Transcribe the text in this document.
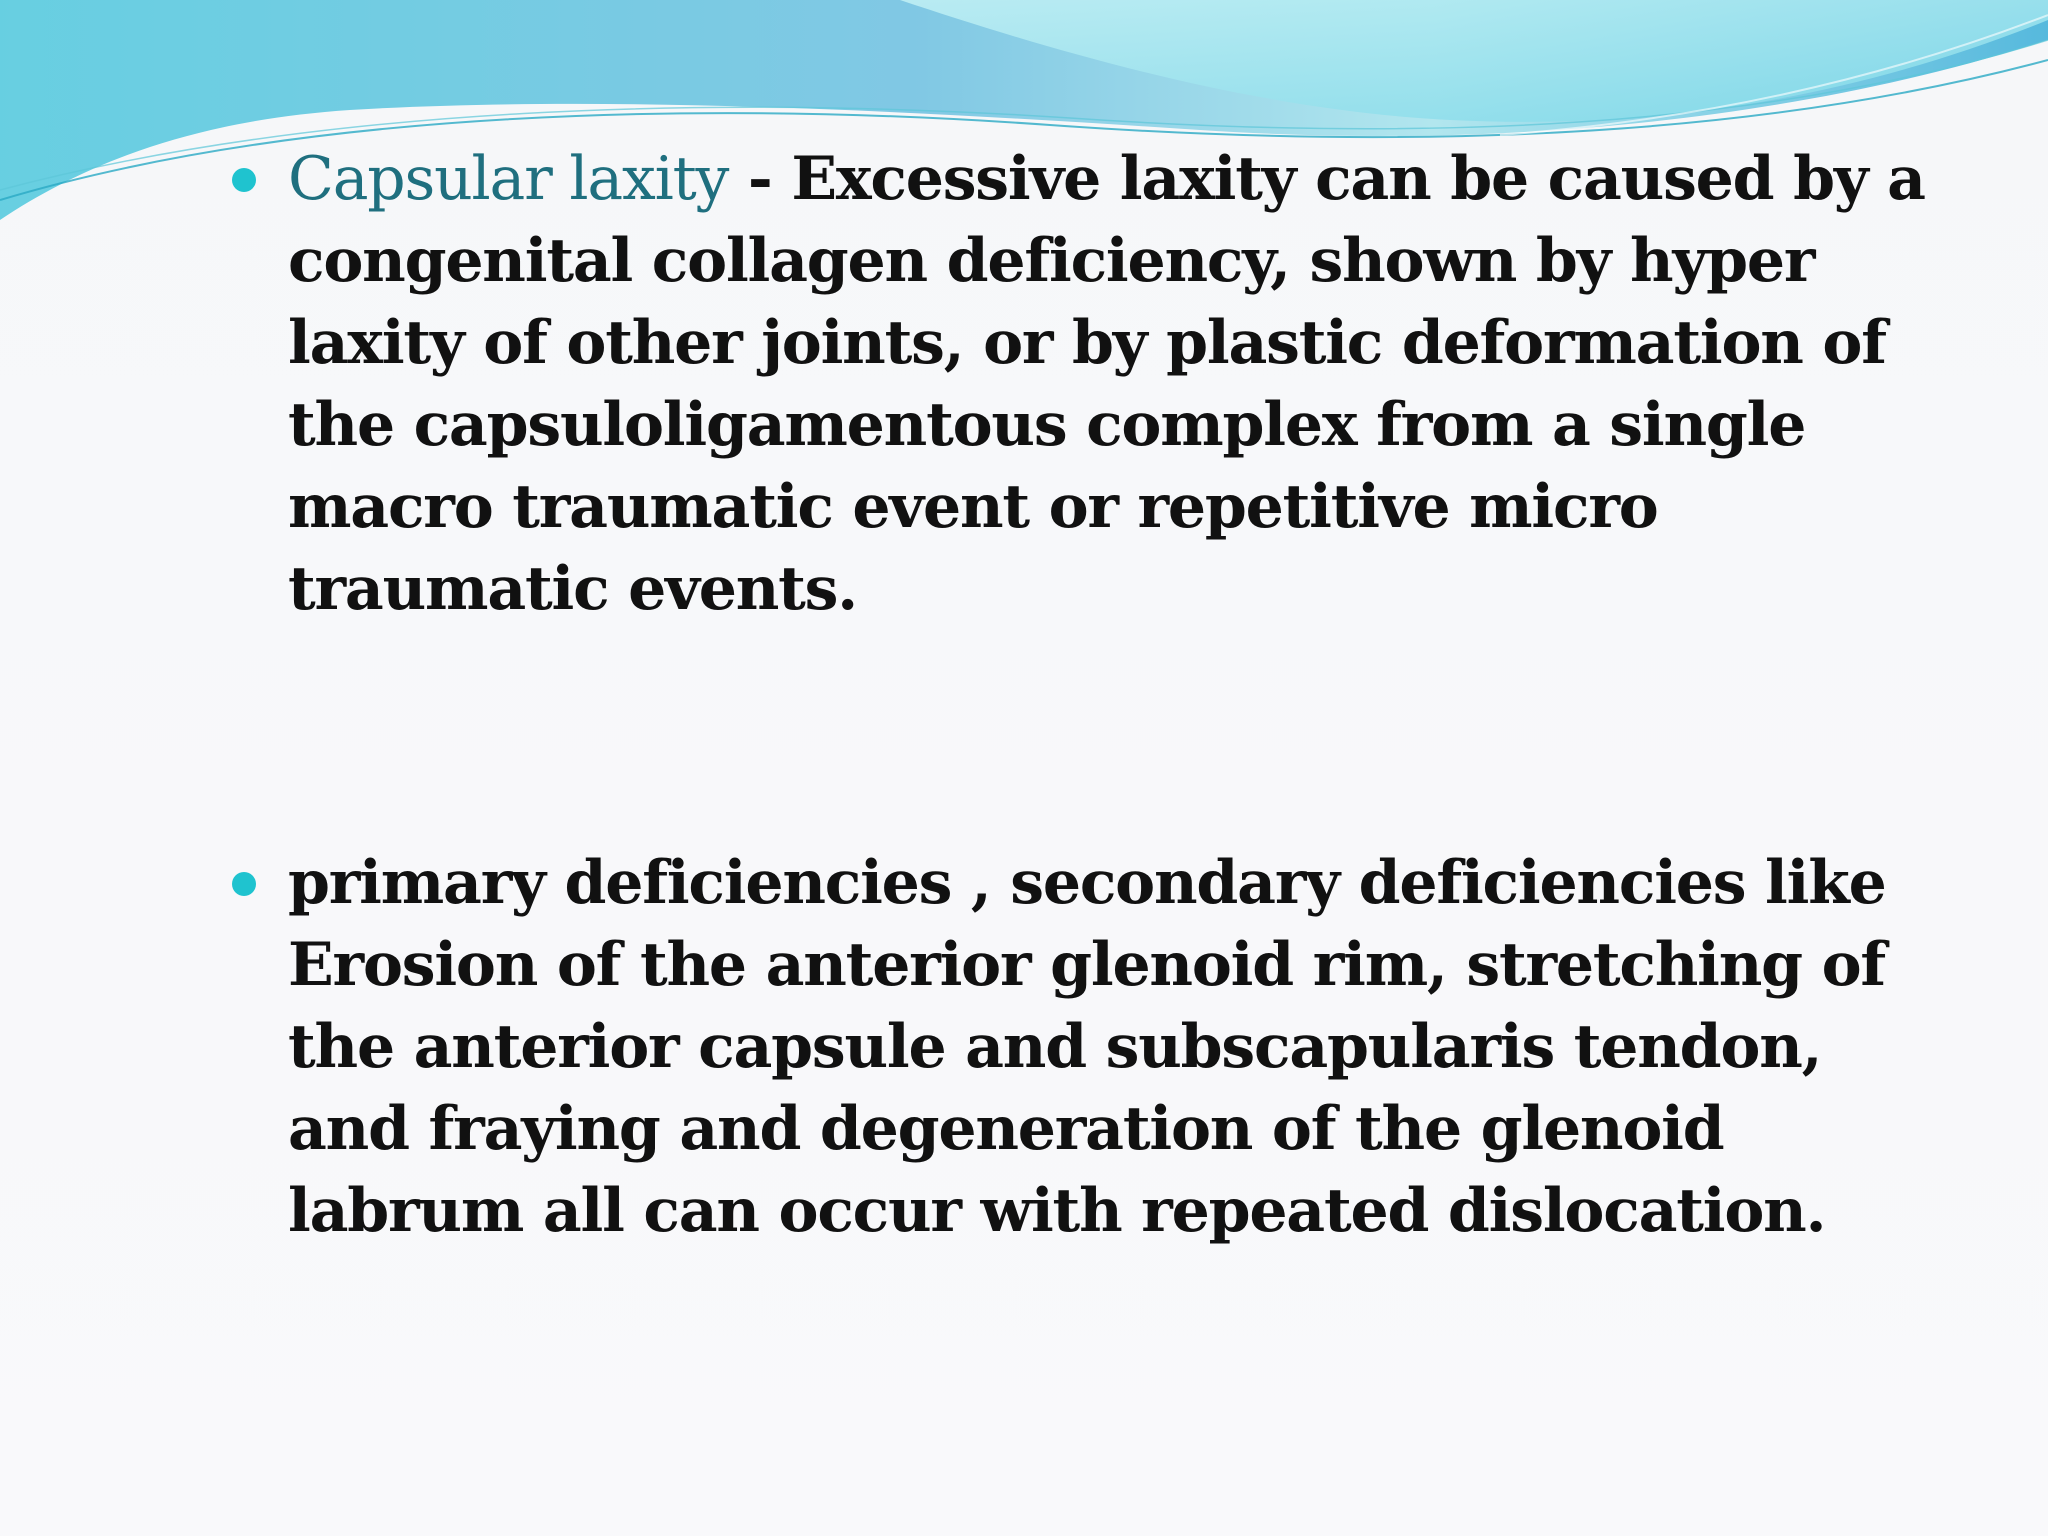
Capsular laxity - Excessive laxity can be caused by a congenital collagen deficiency, shown by hyper laxity of other joints, or by plastic deformation of the capsuloligamentous complex from a single macro traumatic event or repetitive micro traumatic events.
primary deficiencies , secondary deficiencies like Erosion of the anterior glenoid rim, stretching of the anterior capsule and subscapularis tendon, and fraying and degeneration of the glenoid labrum all can occur with repeated dislocation.
